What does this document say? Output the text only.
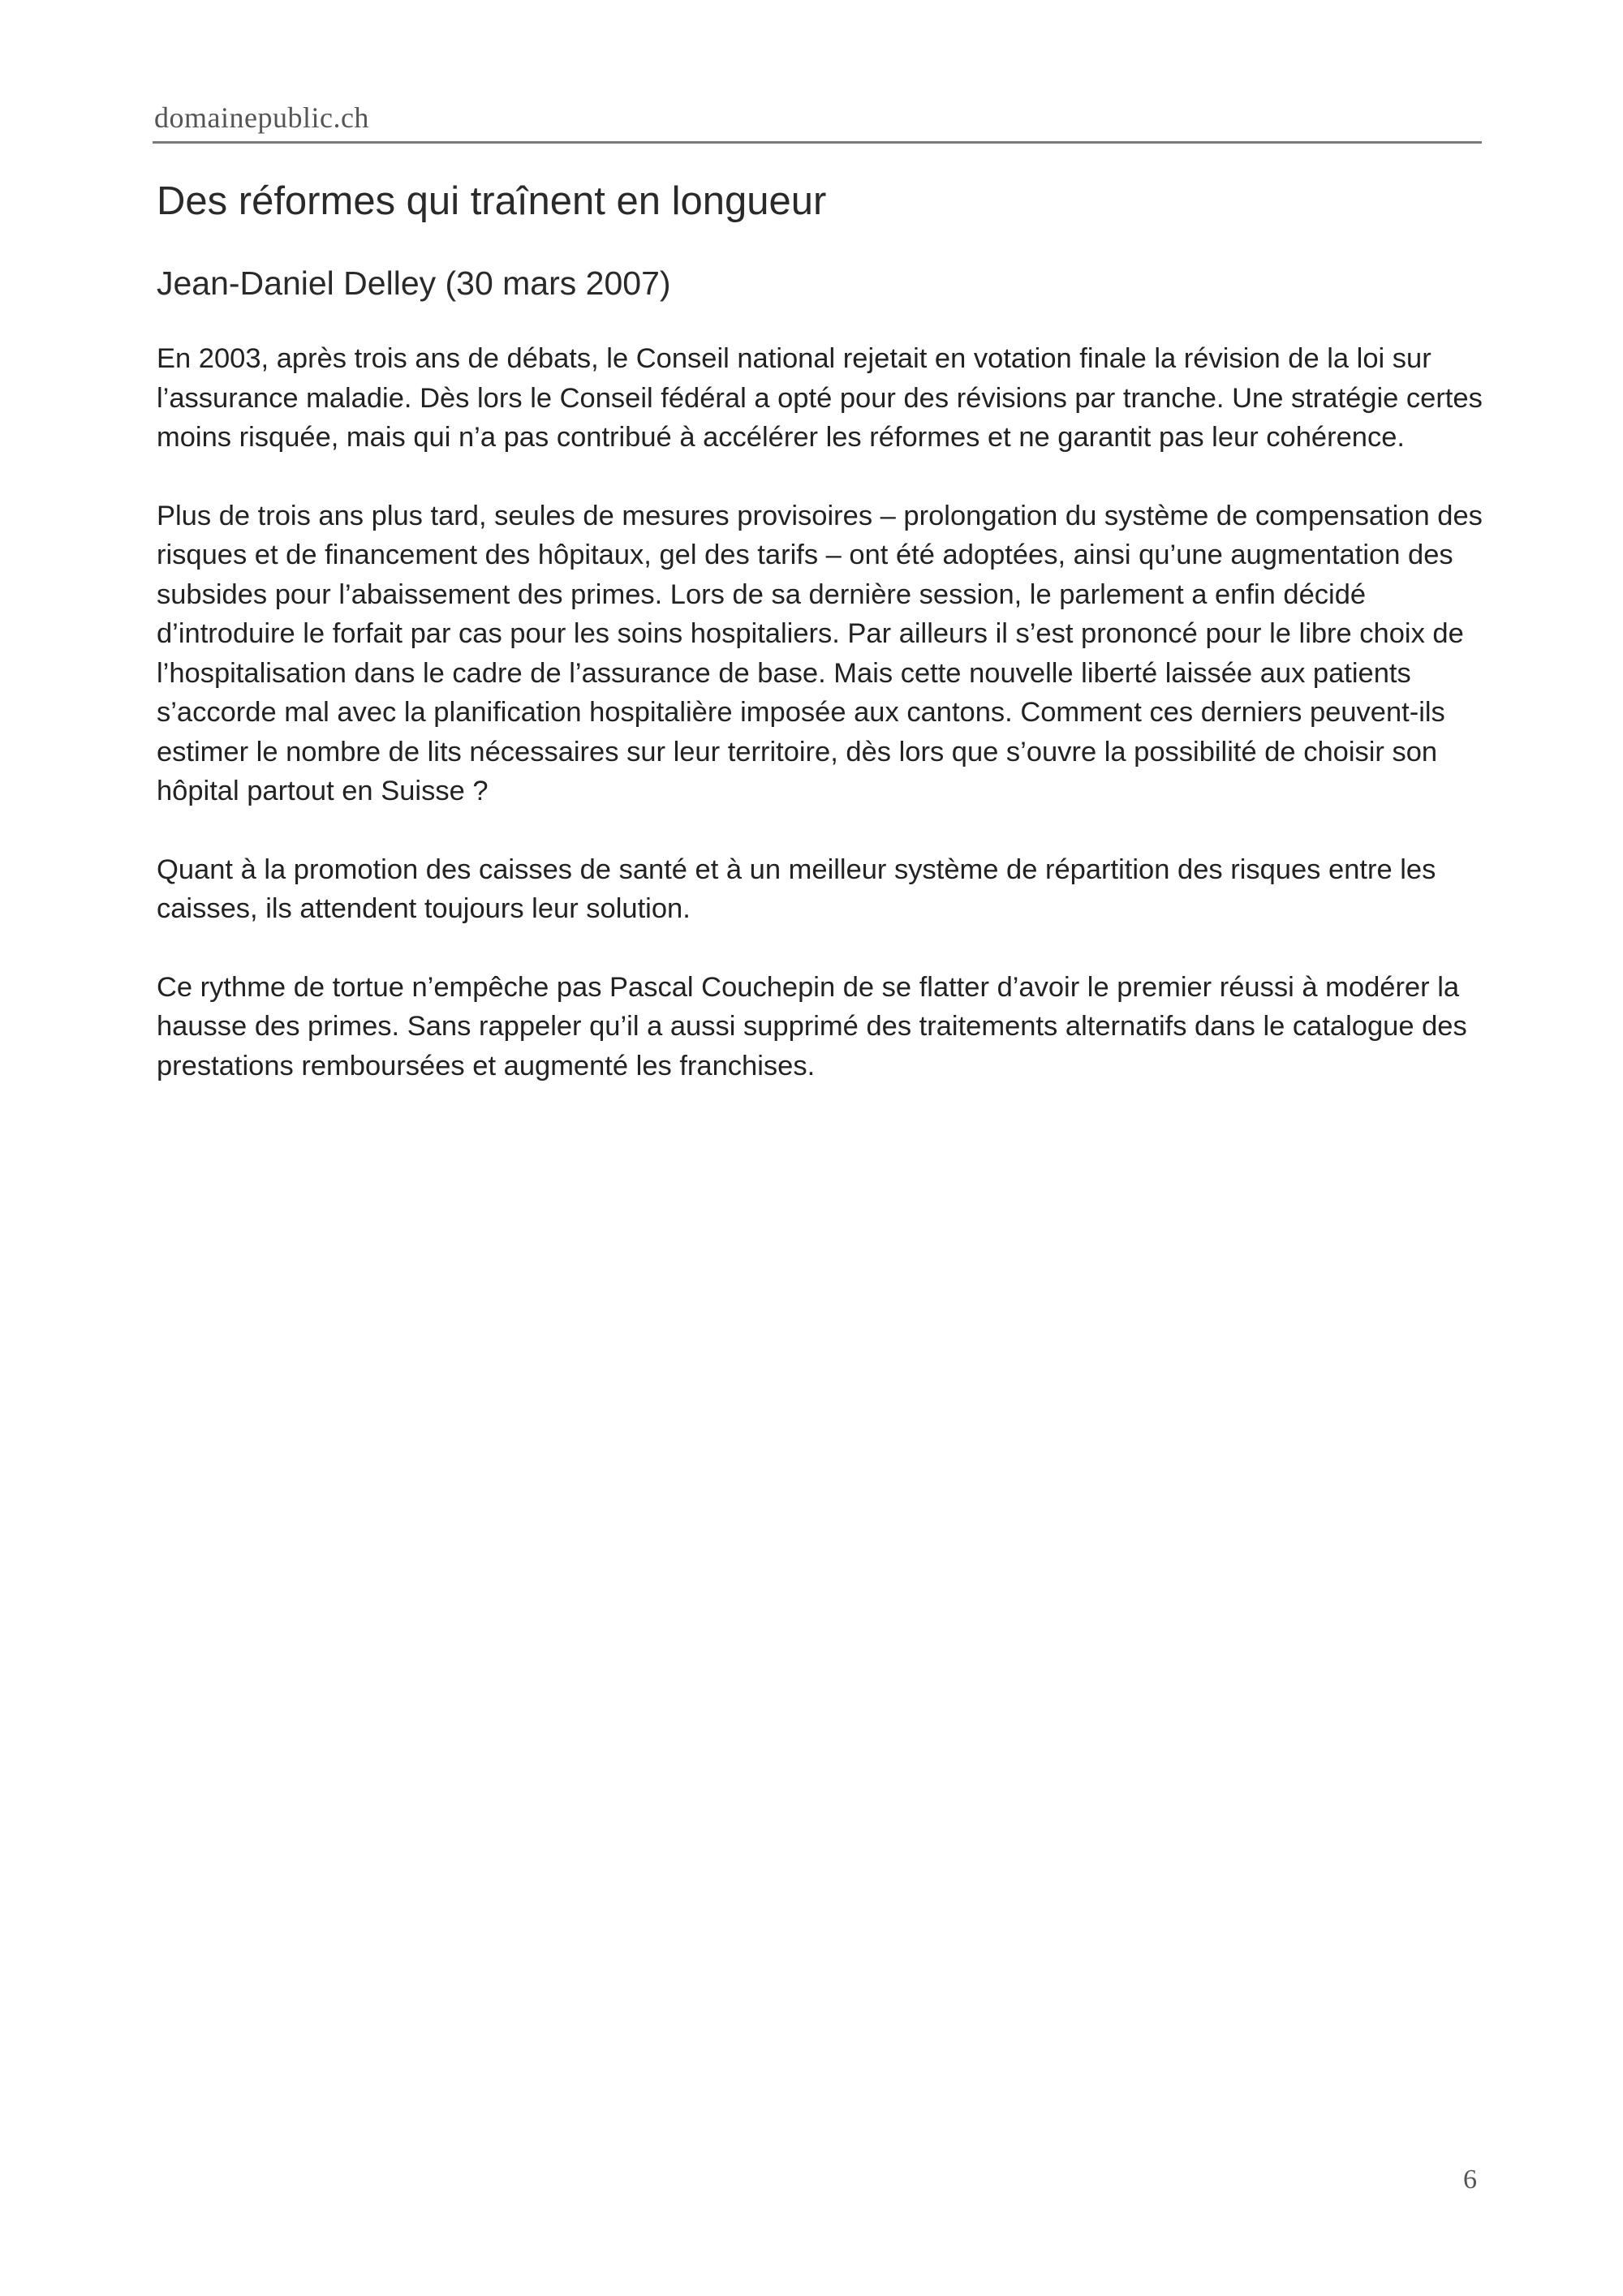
domainepublic.ch
Des réformes qui traînent en longueur
Jean-Daniel Delley (30 mars 2007)

En 2003, après trois ans de débats, le Conseil national rejetait en votation finale la révision de la loi sur l’assurance maladie. Dès lors le Conseil fédéral a opté pour des révisions par tranche. Une stratégie certes moins risquée, mais qui n’a pas contribué à accélérer les réformes et ne garantit pas leur cohérence.

Plus de trois ans plus tard, seules de mesures provisoires – prolongation du système de compensation des risques et de financement des hôpitaux, gel des tarifs – ont été adoptées, ainsi qu’une augmentation des subsides pour l’abaissement des primes. Lors de sa dernière session, le parlement a enfin décidé d’introduire le forfait par cas pour les soins hospitaliers. Par ailleurs il s’est prononcé pour le libre choix de l’hospitalisation dans le cadre de l’assurance de base. Mais cette nouvelle liberté laissée aux patients s’accorde mal avec la planification hospitalière imposée aux cantons. Comment ces derniers peuvent-ils estimer le nombre de lits nécessaires sur leur territoire, dès lors que s’ouvre la possibilité de choisir son hôpital partout en Suisse ?

Quant à la promotion des caisses de santé et à un meilleur système de répartition des risques entre les caisses, ils attendent toujours leur solution.

Ce rythme de tortue n’empêche pas Pascal Couchepin de se flatter d’avoir le premier réussi à modérer la hausse des primes. Sans rappeler qu’il a aussi supprimé des traitements alternatifs dans le catalogue des prestations remboursées et augmenté les franchises.

6
